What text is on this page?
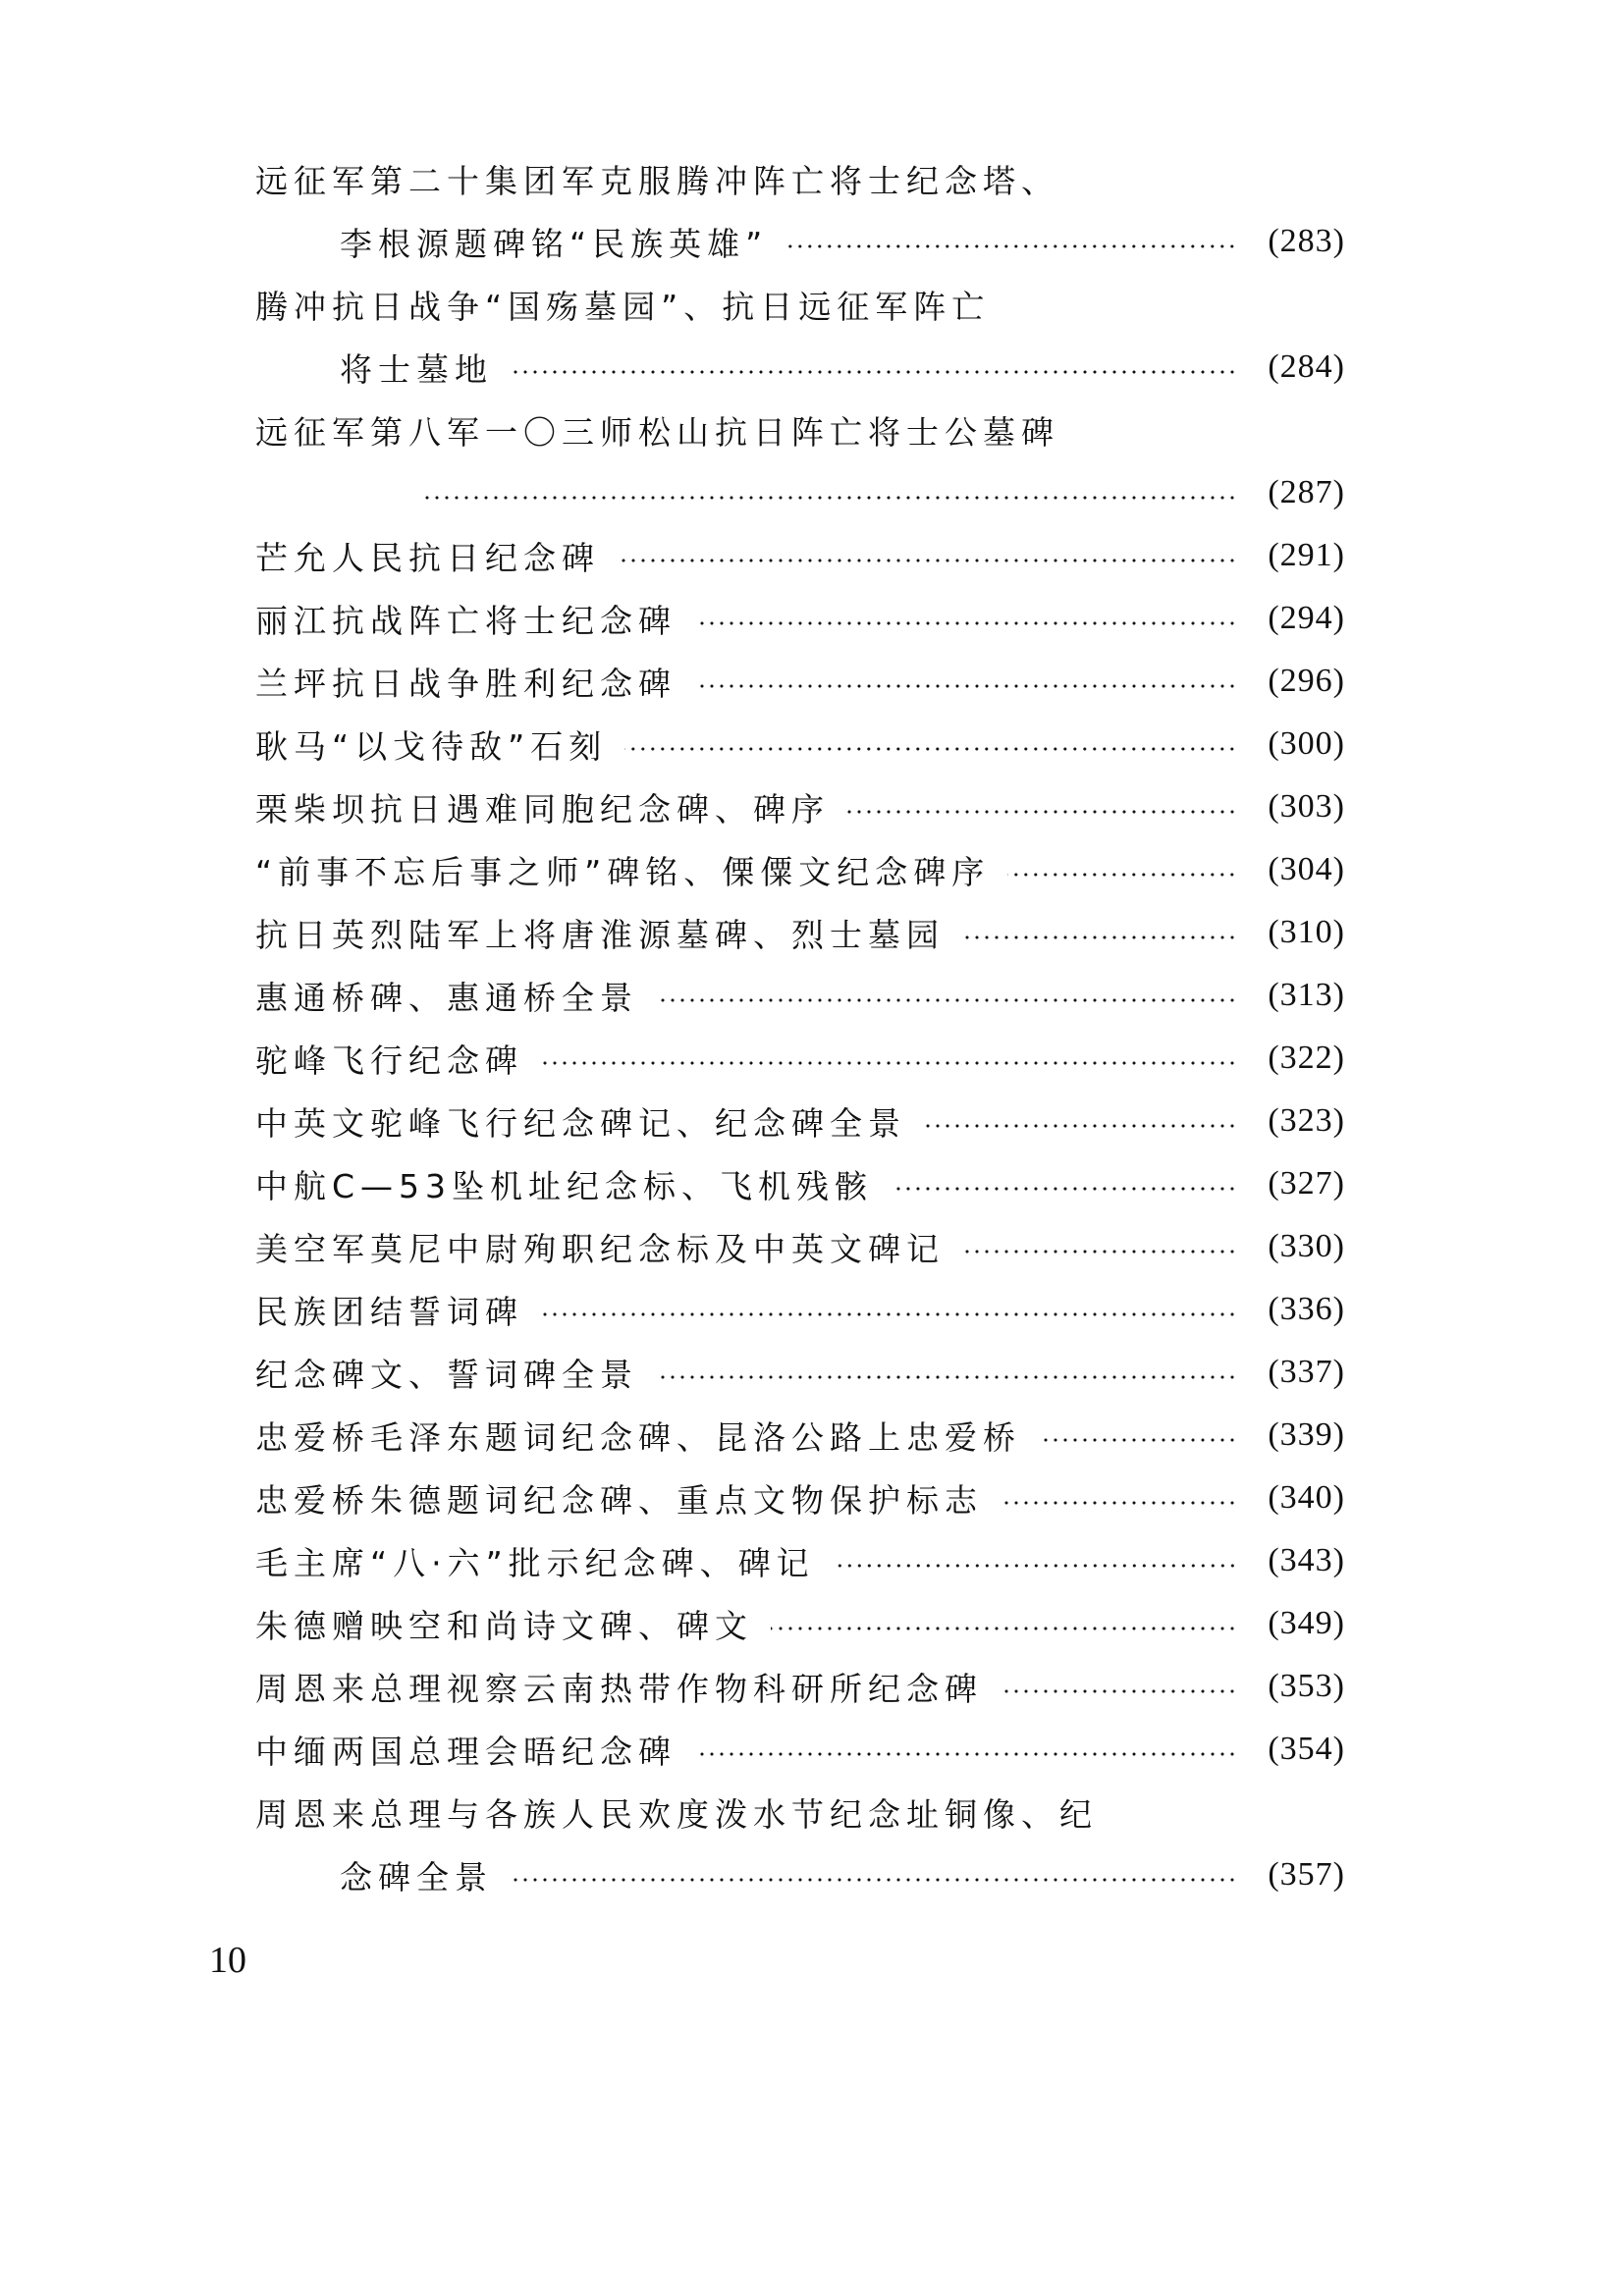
远征军第二十集团军克服腾冲阵亡将士纪念塔、
李根源题碑铭“民族英雄”	(283)
腾冲抗日战争“国殇墓园”、抗日远征军阵亡
将士墓地	(284)
远征军第八军一〇三师松山抗日阵亡将士公墓碑
(287)
芒允人民抗日纪念碑	(291)
丽江抗战阵亡将士纪念碑	(294)
兰坪抗日战争胜利纪念碑	(296)
耿马“以戈待敌”石刻	(300)
栗柴坝抗日遇难同胞纪念碑、碑序	(303)
“前事不忘后事之师”碑铭、傈僳文纪念碑序	(304)
抗日英烈陆军上将唐淮源墓碑、烈士墓园	(310)
惠通桥碑、惠通桥全景	(313)
驼峰飞行纪念碑	(322)
中英文驼峰飞行纪念碑记、纪念碑全景	(323)
中航C—53坠机址纪念标、飞机残骸	(327)
美空军莫尼中尉殉职纪念标及中英文碑记	(330)
民族团结誓词碑	(336)
纪念碑文、誓词碑全景	(337)
忠爱桥毛泽东题词纪念碑、昆洛公路上忠爱桥	(339)
忠爱桥朱德题词纪念碑、重点文物保护标志	(340)
毛主席“八·六”批示纪念碑、碑记	(343)
朱德赠映空和尚诗文碑、碑文	(349)
周恩来总理视察云南热带作物科研所纪念碑	(353)
中缅两国总理会晤纪念碑	(354)
周恩来总理与各族人民欢度泼水节纪念址铜像、纪
念碑全景	(357)
10
